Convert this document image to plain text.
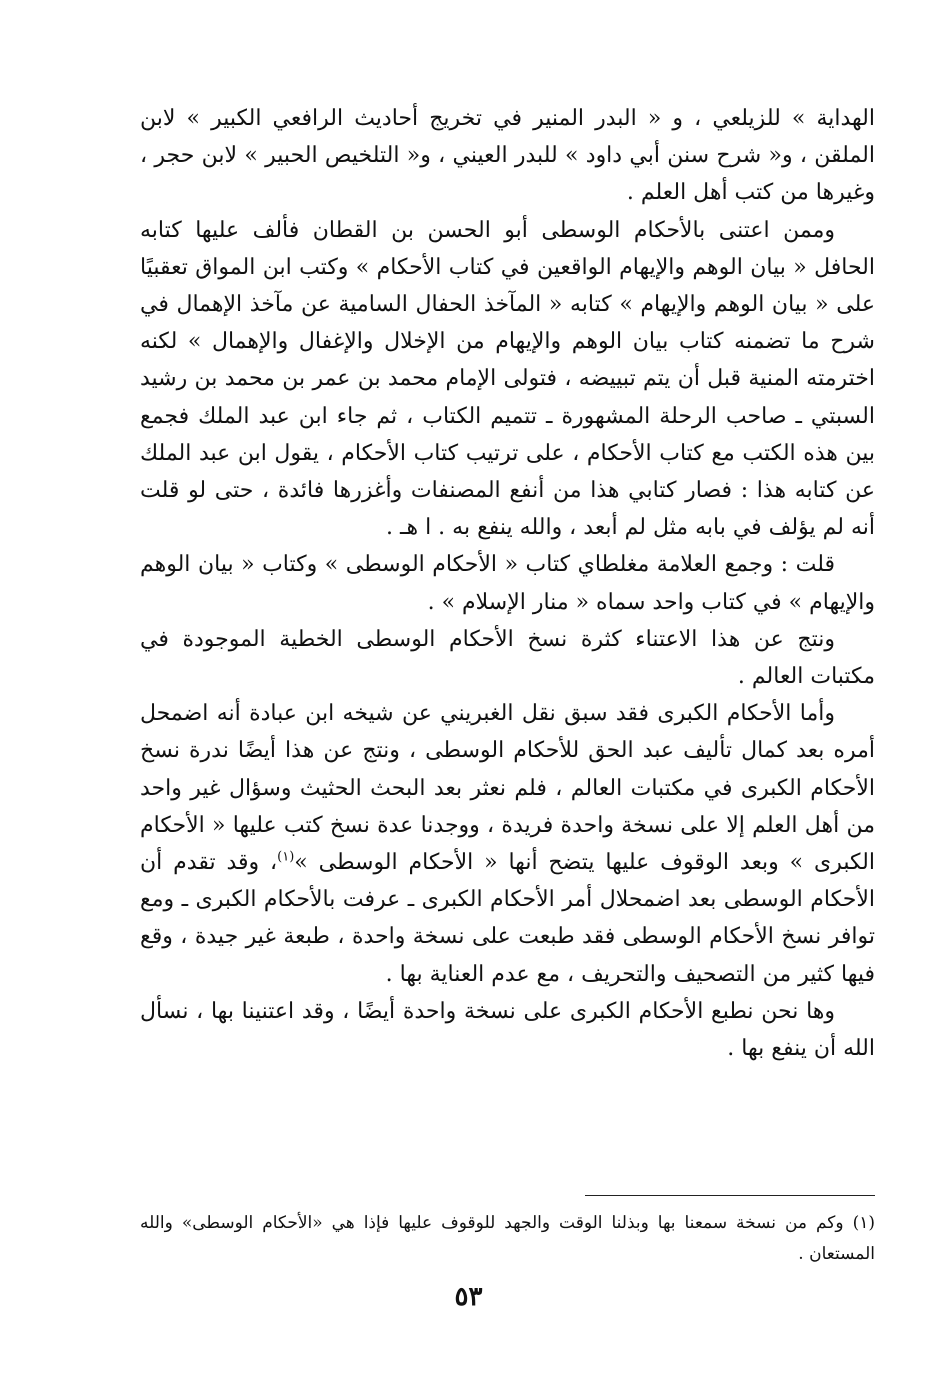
الهداية » للزيلعي ، و « البدر المنير في تخريج أحاديث الرافعي الكبير » لابن الملقن ، و« شرح سنن أبي داود » للبدر العيني ، و« التلخيص الحبير » لابن حجر ، وغيرها من كتب أهل العلم .

وممن اعتنى بالأحكام الوسطى أبو الحسن بن القطان فألف عليها كتابه الحافل « بيان الوهم والإيهام الواقعين في كتاب الأحكام » وكتب ابن المواق تعقبيًا على « بيان الوهم والإيهام » كتابه « المآخذ الحفال السامية عن مآخذ الإهمال في شرح ما تضمنه كتاب بيان الوهم والإيهام من الإخلال والإغفال والإهمال » لكنه اخترمته المنية قبل أن يتم تبييضه ، فتولى الإمام محمد بن عمر بن محمد بن رشيد السبتي ـ صاحب الرحلة المشهورة ـ تتميم الكتاب ، ثم جاء ابن عبد الملك فجمع بين هذه الكتب مع كتاب الأحكام ، على ترتيب كتاب الأحكام ، يقول ابن عبد الملك عن كتابه هذا : فصار كتابي هذا من أنفع المصنفات وأغزرها فائدة ، حتى لو قلت أنه لم يؤلف في بابه مثل لم أبعد ، والله ينفع به . ا هـ .

قلت : وجمع العلامة مغلطاي كتاب « الأحكام الوسطى » وكتاب « بيان الوهم والإيهام » في كتاب واحد سماه « منار الإسلام » .

ونتج عن هذا الاعتناء كثرة نسخ الأحكام الوسطى الخطية الموجودة في مكتبات العالم .

وأما الأحكام الكبرى فقد سبق نقل الغبريني عن شيخه ابن عبادة أنه اضمحل أمره بعد كمال تأليف عبد الحق للأحكام الوسطى ، ونتج عن هذا أيضًا ندرة نسخ الأحكام الكبرى في مكتبات العالم ، فلم نعثر بعد البحث الحثيث وسؤال غير واحد من أهل العلم إلا على نسخة واحدة فريدة ، ووجدنا عدة نسخ كتب عليها « الأحكام الكبرى » وبعد الوقوف عليها يتضح أنها « الأحكام الوسطى »$^{(١)}$، وقد تقدم أن الأحكام الوسطى بعد اضمحلال أمر الأحكام الكبرى ـ عرفت بالأحكام الكبرى ـ ومع توافر نسخ الأحكام الوسطى فقد طبعت على نسخة واحدة ، طبعة غير جيدة ، وقع فيها كثير من التصحيف والتحريف ، مع عدم العناية بها .

وها نحن نطبع الأحكام الكبرى على نسخة واحدة أيضًا ، وقد اعتنينا بها ، نسأل الله أن ينفع بها .

(١) وكم من نسخة سمعنا بها وبذلنا الوقت والجهد للوقوف عليها فإذا هي «الأحكام الوسطى» والله المستعان .
٥٣
